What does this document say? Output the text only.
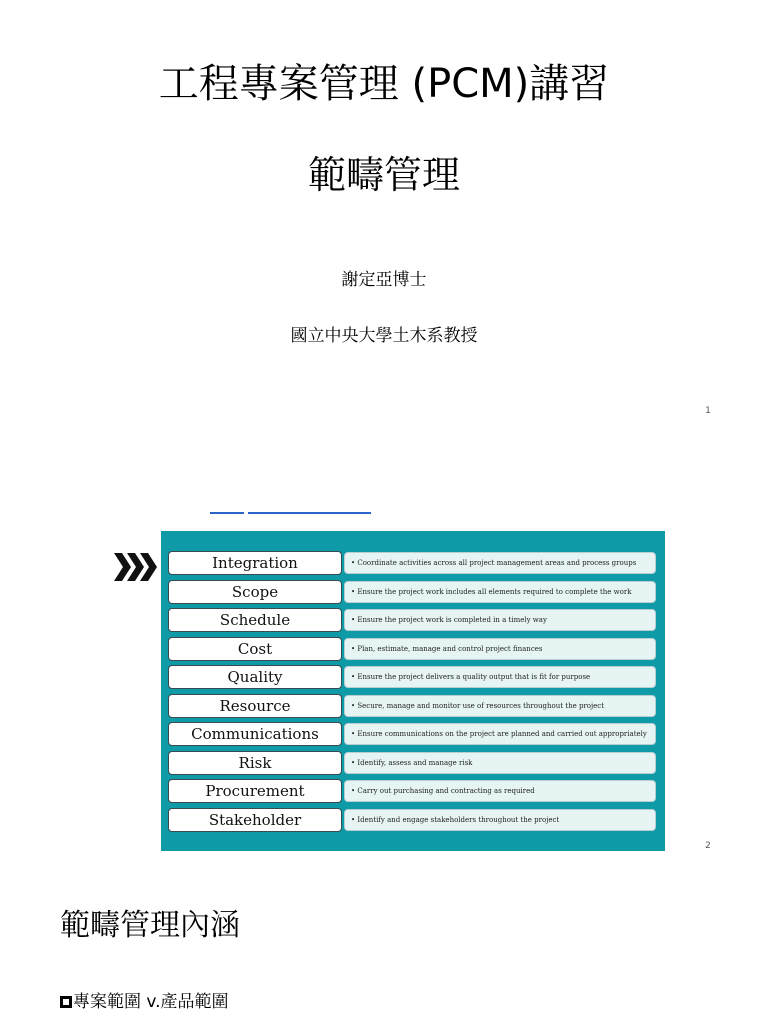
工程專案管理 (PCM)講習
範疇管理
謝定亞博士
國立中央大學土木系教授
1
Integration	• Coordinate activities across all project management areas and process groups
Scope	• Ensure the project work includes all elements required to complete the work
Schedule	• Ensure the project work is completed in a timely way
Cost	• Plan, estimate, manage and control project finances
Quality	• Ensure the project delivers a quality output that is fit for purpose
Resource	• Secure, manage and monitor use of resources throughout the project
Communications	• Ensure communications on the project are planned and carried out appropriately
Risk	• Identify, assess and manage risk
Procurement	• Carry out purchasing and contracting as required
Stakeholder	• Identify and engage stakeholders throughout the project
2
範疇管理內涵
專案範圍 v.產品範圍
